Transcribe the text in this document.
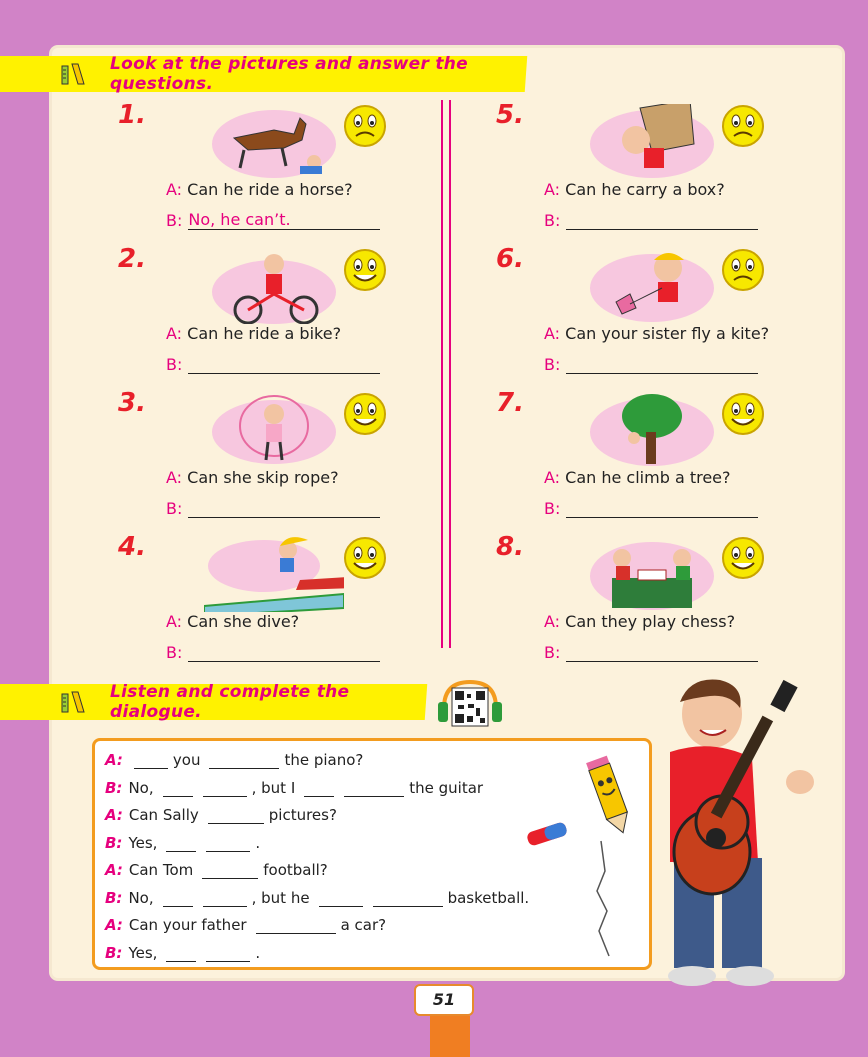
Look at the pictures and answer the questions.
1.
A: Can he ride a horse?
B: No, he can’t.
2.
A: Can he ride a bike?
B:
3.
A: Can she skip rope?
B:
4.
A: Can she dive?
B:
5.
A: Can he carry a box?
B:
6.
A: Can your sister fly a kite?
B:
7.
A: Can he climb a tree?
B:
8.
A: Can they play chess?
B:
Listen and complete the dialogue.
A:	you	the piano?
B: No,	, but I	the guitar
A: Can Sally	pictures?
B: Yes,	.
A: Can Tom	football?
B: No,	, but he	basketball.
A: Can your father	a car?
B: Yes,	.
51
